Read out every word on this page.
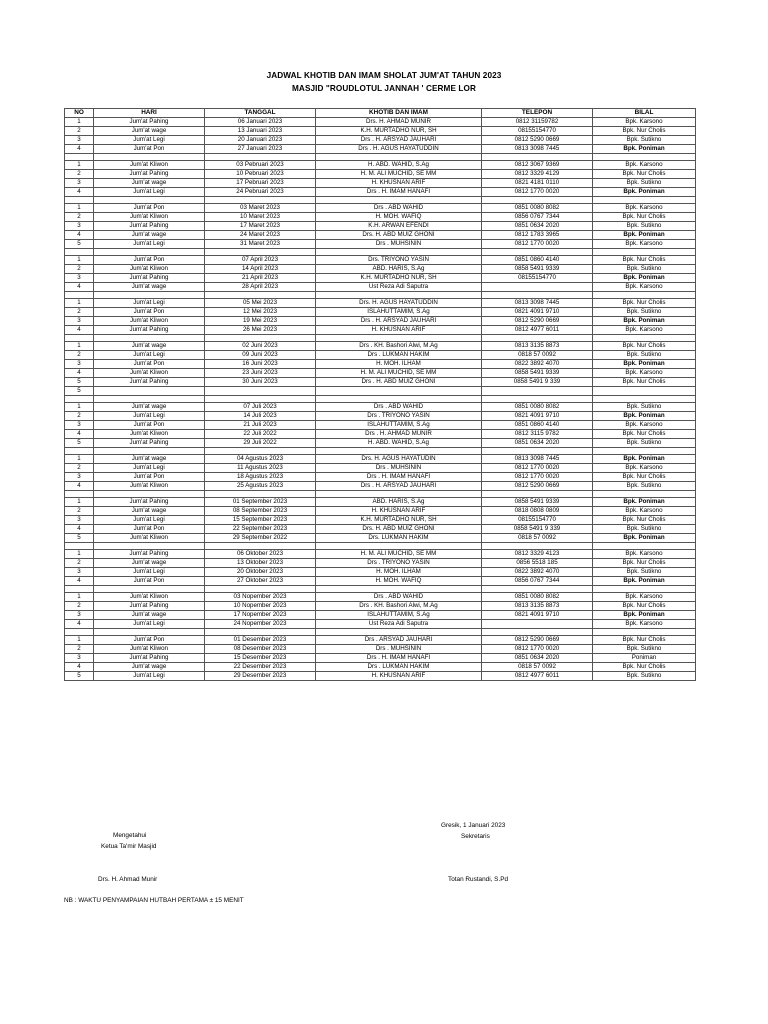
JADWAL KHOTIB DAN IMAM SHOLAT JUM'AT TAHUN 2023
MASJID "ROUDLOTUL JANNAH ' CERME LOR
NO	HARI	TANGGAL	KHOTIB DAN IMAM	TELEPON	BILAL
1	Jum'at Pahing	06 Januari 2023	Drs. H. AHMAD MUNIR	0812 31159782	Bpk. Karsono
2	Jum'at wage	13 Januari 2023	K.H. MURTADHO NUR, SH	08155154770	Bpk. Nur Cholis
3	Jum'at Legi	20 Januari 2023	Drs . H. ARSYAD JAUHARI	0812 5290 0669	Bpk. Sutikno
4	Jum'at Pon	27 Januari 2023	Drs . H. AGUS HAYATUDDIN	0813 3098 7445	Bpk. Poniman

1	Jum'at Kliwon	03 Pebruari 2023	H. ABD. WAHID, S.Ag	0812 3067 9369	Bpk. Karsono
2	Jum'at Pahing	10 Pebruari 2023	H. M. ALI MUCHID, SE MM	0812 3329 4129	Bpk. Nur Cholis
3	Jum'at wage	17 Pebruari 2023	H. KHUSNAN ARIF	0821 4181 0110	Bpk. Sutikno
4	Jum'at Legi	24 Pebruari 2023	Drs . H. IMAM HANAFI	0812 1770 0020	Bpk. Poniman

1	Jum'at Pon	03 Maret 2023	Drs . ABD WAHID	0851 0080 8082	Bpk. Karsono
2	Jum'at Kliwon	10 Maret 2023	H. MOH. WAFIQ	0856 0767 7344	Bpk. Nur Cholis
3	Jum'at Pahing	17 Maret 2023	K.H. ARWAN EFENDI	0851 0634 2020	Bpk. Sutikno
4	Jum'at wage	24 Maret 2023	Drs. H. ABD MUIZ GHONI	0812 1783 3965	Bpk. Poniman
5	Jum'at Legi	31 Maret 2023	Drs . MUHSININ	0812 1770 0020	Bpk. Karsono

1	Jum'at Pon	07 April 2023	Drs. TRIYONO YASIN	0851 0860 4140	Bpk. Nur Cholis
2	Jum'at Kliwon	14 April 2023	ABD. HARIS, S.Ag	0858 5491 9339	Bpk. Sutikno
3	Jum'at Pahing	21 April 2023	K.H. MURTADHO NUR, SH	08155154770	Bpk. Poniman
4	Jum'at wage	28 April 2023	Ust Reza Adi Saputra		Bpk. Karsono

1	Jum'at Legi	05 Mei 2023	Drs. H. AGUS HAYATUDDIN	0813 3098 7445	Bpk. Nur Cholis
2	Jum'at Pon	12 Mei 2023	ISLAHUTTAMIM, S.Ag	0821 4091 9710	Bpk. Sutikno
3	Jum'at Kliwon	19 Mei 2023	Drs . H. ARSYAD JAUHARI	0812 5290 0669	Bpk. Poniman
4	Jum'at Pahing	26 Mei 2023	H. KHUSNAN ARIF	0812 4977 6011	Bpk. Karsono

1	Jum'at wage	02 Juni 2023	Drs . KH. Bashori Alwi, M.Ag	0813 3135 8873	Bpk. Nur Cholis
2	Jum'at Legi	09 Juni 2023	Drs . LUKMAN HAKIM	0818 57 0092	Bpk. Sutikno
3	Jum'at Pon	16 Juni 2023	H. MOH. ILHAM	0822 3892 4070	Bpk. Poniman
4	Jum'at Kliwon	23 Juni 2023	H. M. ALI MUCHID, SE MM	0858 5491 9339	Bpk. Karsono
5	Jum'at Pahing	30 Juni 2023	Drs . H. ABD MUIZ GHONI	0858 5491 9 339	Bpk. Nur Cholis
5					

1	Jum'at wage	07 Juli 2023	Drs . ABD WAHID	0851 0080 8082	Bpk. Sutikno
2	Jum'at Legi	14 Juli 2023	Drs . TRIYONO YASIN	0821 4091 9710	Bpk. Poniman
3	Jum'at Pon	21 Juli 2023	ISLAHUTTAMIM, S.Ag	0851 0860 4140	Bpk. Karsono
4	Jum'at Kliwon	22 Juli 2022	Drs . H. AHMAD MUNIR	0812 3115 9782	Bpk. Nur Cholis
5	Jum'at Pahing	29 Juli 2022	H. ABD. WAHID, S.Ag	0851 0634 2020	Bpk. Sutikno

1	Jum'at wage	04 Agustus 2023	Drs. H. AGUS HAYATUDIN	0813 3098 7445	Bpk. Poniman
2	Jum'at Legi	11 Agustus 2023	Drs . MUHSININ	0812 1770 0020	Bpk. Karsono
3	Jum'at Pon	18 Agustus 2023	Drs . H. IMAM HANAFI	0812 1770 0020	Bpk. Nur Cholis
4	Jum'at Kliwon	25 Agustus 2023	Drs . H. ARSYAD JAUHARI	0812 5290 0669	Bpk. Sutikno

1	Jum'at Pahing	01 September 2023	ABD. HARIS, S.Ag	0858 5491 9339	Bpk. Poniman
2	Jum'at wage	08 September 2023	H. KHUSNAN ARIF	0818 0808 0809	Bpk. Karsono
3	Jum'at Legi	15 September 2023	K.H. MURTADHO NUR, SH	08155154770	Bpk. Nur Cholis
4	Jum'at Pon	22 September 2023	Drs. H. ABD MUIZ GHONI	0858 5491 9 339	Bpk. Sutikno
5	Jum'at Kliwon	29 September 2022	Drs. LUKMAN HAKIM	0818 57 0092	Bpk. Poniman

1	Jum'at Pahing	06 Oktober 2023	H. M. ALI MUCHID, SE MM	0812 3329 4123	Bpk. Karsono
2	Jum'at wage	13 Oktober 2023	Drs . TRIYONO YASIN	0856 5518 185	Bpk. Nur Cholis
3	Jum'at Legi	20 Oktober 2023	H. MOH. ILHAM	0822 3892 4070	Bpk. Sutikno
4	Jum'at Pon	27 Oktober 2023	H. MOH. WAFIQ	0856 0767 7344	Bpk. Poniman

1	Jum'at Kliwon	03 Nopember 2023	Drs . ABD WAHID	0851 0080 8082	Bpk. Karsono
2	Jum'at Pahing	10 Nopember 2023	Drs . KH. Bashori Alwi, M.Ag	0813 3135 8873	Bpk. Nur Cholis
3	Jum'at wage	17 Nopember 2023	ISLAHUTTAMIM, S.Ag	0821 4091 9710	Bpk. Poniman
4	Jum'at Legi	24 Nopember 2023	Ust Reza Adi Saputra		Bpk. Karsono

1	Jum'at Pon	01 Desember 2023	Drs . ARSYAD JAUHARI	0812 5290 0669	Bpk. Nur Cholis
2	Jum'at Kliwon	08 Desember 2023	Drs . MUHSININ	0812 1770 0020	Bpk. Sutikno
3	Jum'at Pahing	15 Desember 2023	Drs . H. IMAM HANAFI	0851 0634 2020	Poniman
4	Jum'at wage	22 Desember 2023	Drs . LUKMAN HAKIM	0818 57 0092	Bpk. Nur Cholis
5	Jum'at Legi	29 Desember 2023	H. KHUSNAN ARIF	0812 4977 6011	Bpk. Sutikno
Gresik, 1 Januari 2023
Sekretaris
Mengetahui
Ketua Ta'mir Masjid
Drs. H. Ahmad Munir	Totan Rustandi, S.Pd
NB : WAKTU PENYAMPAIAN HUTBAH PERTAMA ± 15 MENIT
